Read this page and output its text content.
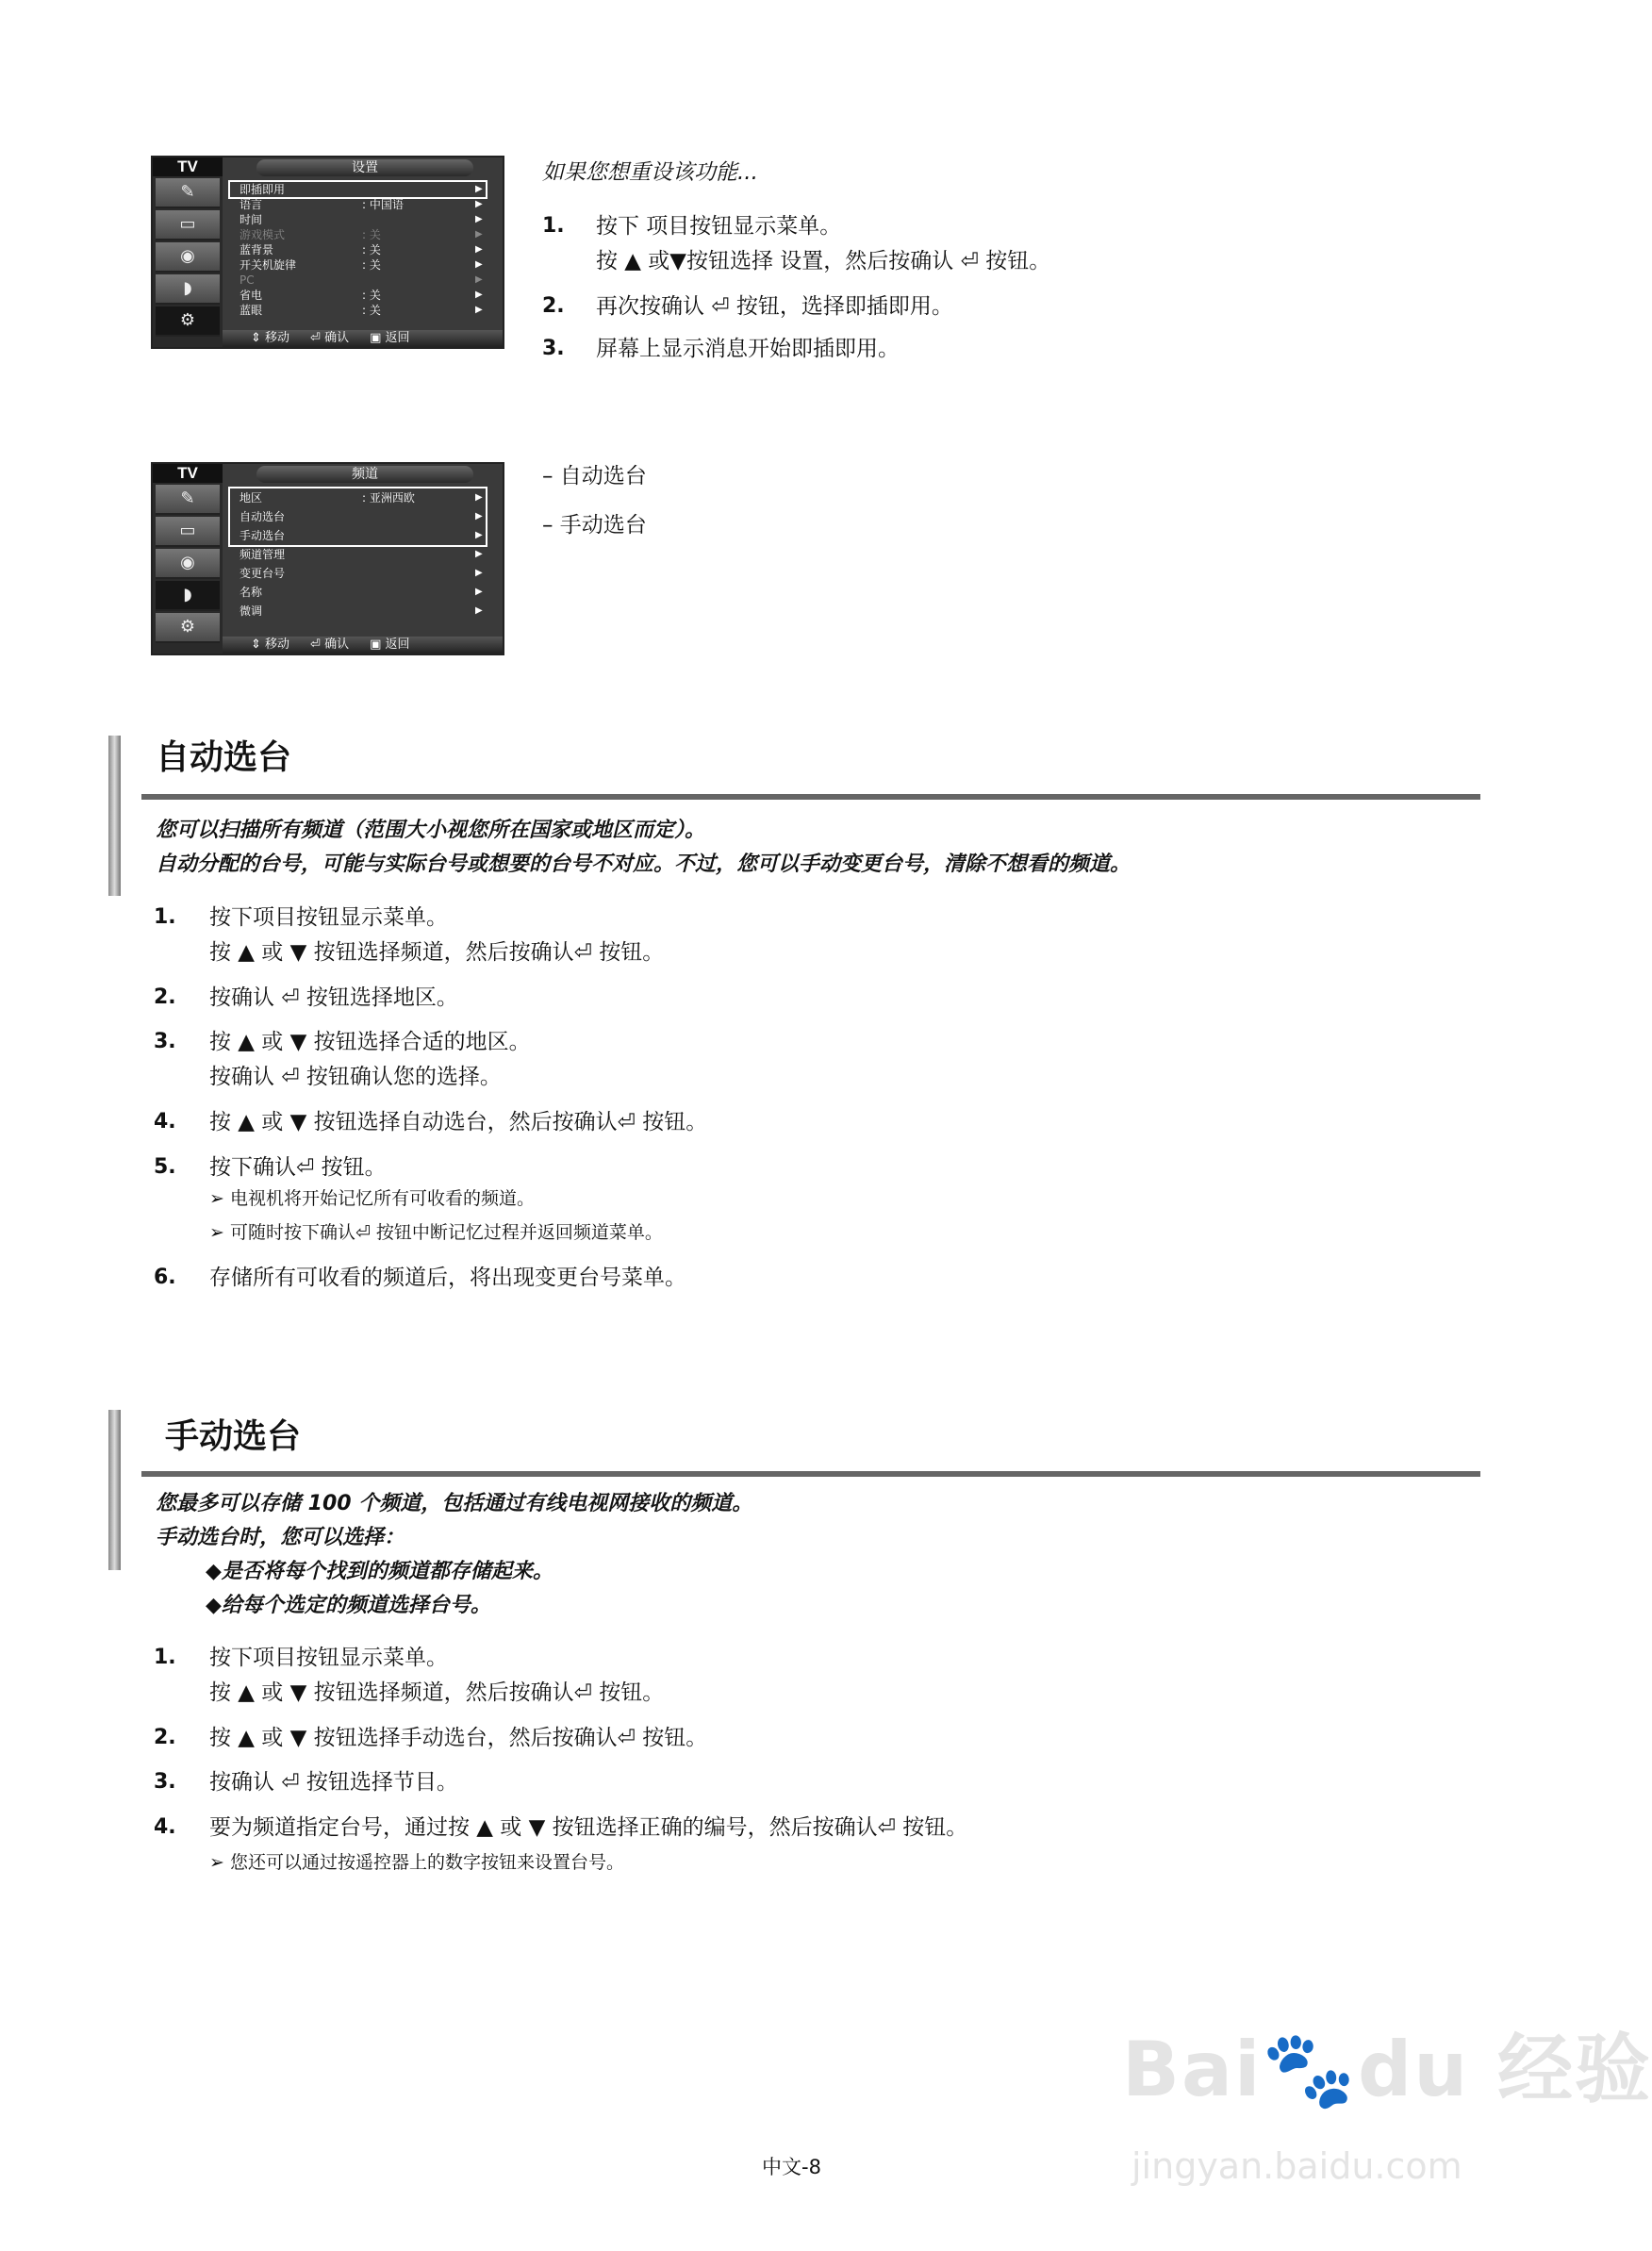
TV
✎
▭
◉
◗
⚙
设置
即插即用	▶
语言	: 中国语	▶
时间	▶
游戏模式	: 关	▶
蓝背景	: 关	▶
开关机旋律	: 关	▶
PC	▶
省电	: 关	▶
蓝眼	: 关	▶
⇕ 移动 ⏎ 确认 ▣ 返回
如果您想重设该功能...
1. 按下 项目按钮显示菜单。
按 ▲ 或▼按钮选择 设置，然后按确认 ⏎ 按钮。
2. 再次按确认 ⏎ 按钮，选择即插即用。
3. 屏幕上显示消息开始即插即用。
TV
✎
▭
◉
◗
⚙
频道
地区	: 亚洲西欧	▶
自动选台	▶
手动选台	▶
频道管理	▶
变更台号	▶
名称	▶
微调	▶
⇕ 移动 ⏎ 确认 ▣ 返回
– 自动选台
– 手动选台
自动选台
您可以扫描所有频道（范围大小视您所在国家或地区而定）。
自动分配的台号，可能与实际台号或想要的台号不对应。不过，您可以手动变更台号，清除不想看的频道。
1. 按下项目按钮显示菜单。
按 ▲ 或 ▼ 按钮选择频道，然后按确认⏎ 按钮。
2. 按确认 ⏎ 按钮选择地区。
3. 按 ▲ 或 ▼ 按钮选择合适的地区。
按确认 ⏎ 按钮确认您的选择。
4. 按 ▲ 或 ▼ 按钮选择自动选台，然后按确认⏎ 按钮。
5. 按下确认⏎ 按钮。
6. 存储所有可收看的频道后，将出现变更台号菜单。
➢ 电视机将开始记忆所有可收看的频道。
➢ 可随时按下确认⏎ 按钮中断记忆过程并返回频道菜单。
手动选台
您最多可以存储 100 个频道，包括通过有线电视网接收的频道。
手动选台时，您可以选择：
◆是否将每个找到的频道都存储起来。
◆给每个选定的频道选择台号。
1. 按下项目按钮显示菜单。
按 ▲ 或 ▼ 按钮选择频道，然后按确认⏎ 按钮。
2. 按 ▲ 或 ▼ 按钮选择手动选台，然后按确认⏎ 按钮。
3. 按确认 ⏎ 按钮选择节目。
4. 要为频道指定台号，通过按 ▲ 或 ▼ 按钮选择正确的编号，然后按确认⏎ 按钮。
➢ 您还可以通过按遥控器上的数字按钮来设置台号。
中文-8
Bai🐾du 经验
jingyan.baidu.com
